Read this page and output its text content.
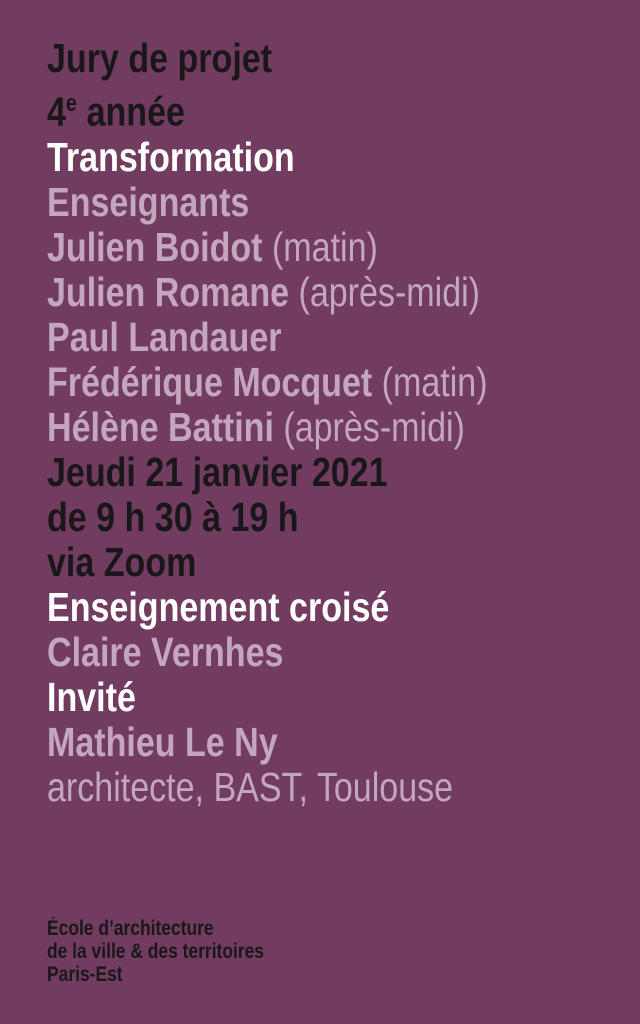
Jury de projet
4e année
Transformation
Enseignants
Julien Boidot (matin)
Julien Romane (après-midi)
Paul Landauer
Frédérique Mocquet (matin)
Hélène Battini (après-midi)
Jeudi 21 janvier 2021
de 9 h 30 à 19 h
via Zoom
Enseignement croisé
Claire Vernhes
Invité
Mathieu Le Ny
architecte, BAST, Toulouse
École d’architecture
de la ville & des territoires
Paris-Est
